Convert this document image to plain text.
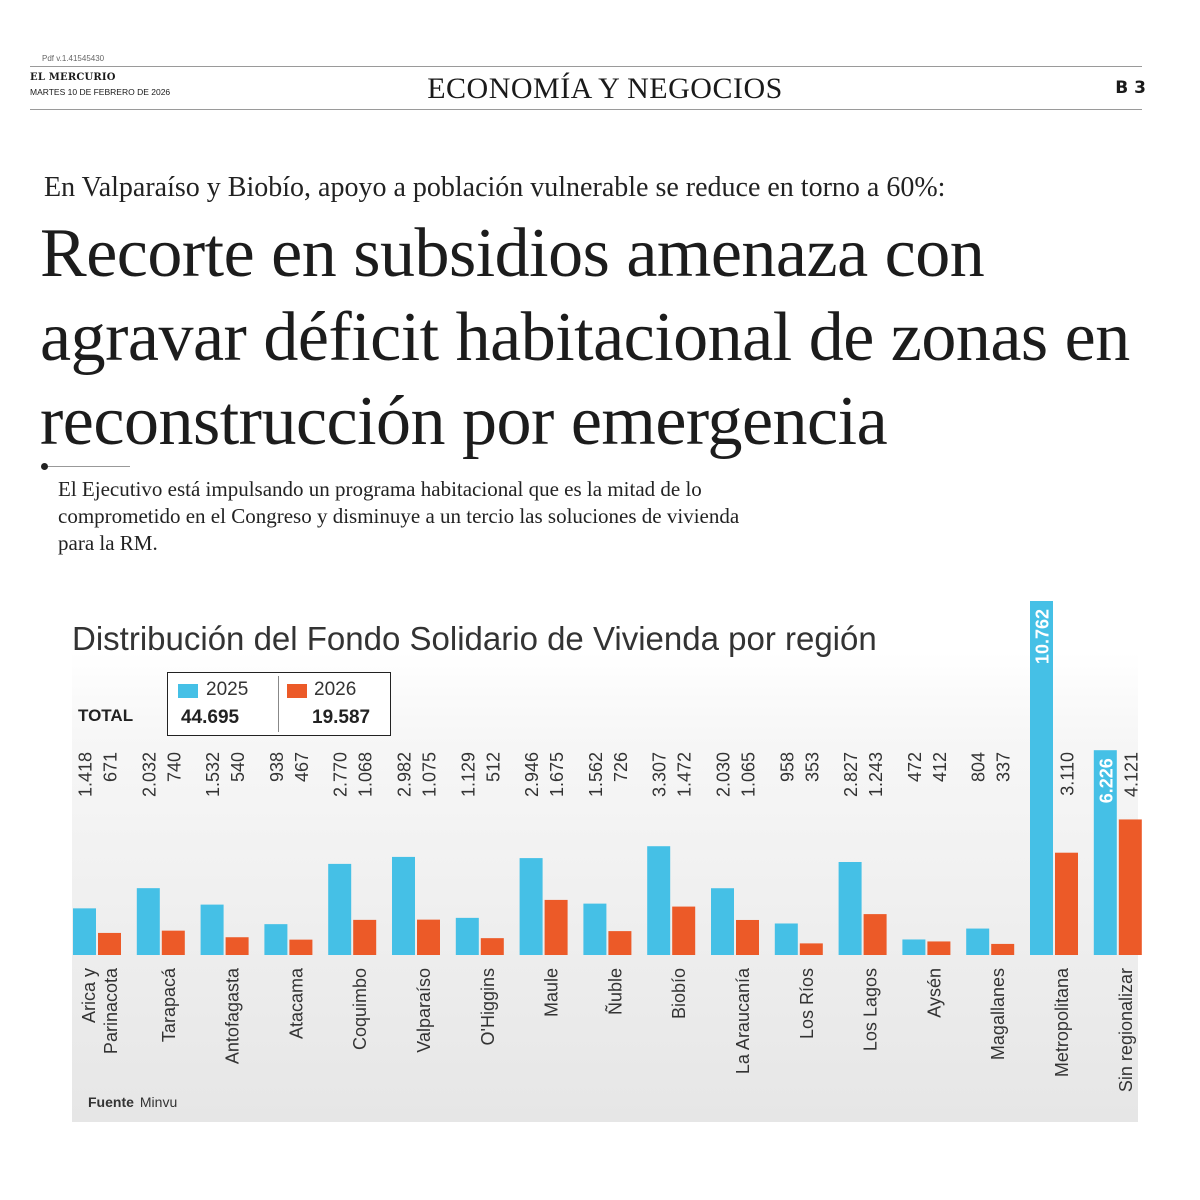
Pdf v.1.41545430
EL MERCURIO
MARTES 10 DE FEBRERO DE 2026	ECONOMÍA Y NEGOCIOS	B 3
En Valparaíso y Biobío, apoyo a población vulnerable se reduce en torno a 60%:
Recorte en subsidios amenaza con agravar déficit habitacional de zonas en reconstrucción por emergencia
El Ejecutivo está impulsando un programa habitacional que es la mitad de lo comprometido en el Congreso y disminuye a un tercio las soluciones de vivienda para la RM.
Distribución del Fondo Solidario de Vivienda por región
2025	2026
TOTAL	44.695	19.587
1.418 671
Arica y Parinacota
2.032 740
Tarapacá
1.532 540
Antofagasta
938 467
Atacama
2.770 1.068
Coquimbo
2.982 1.075
Valparaíso
1.129 512
O'Higgins
2.946 1.675
Maule
1.562 726
Ñuble
3.307 1.472
Biobío
2.030 1.065
La Araucanía
958 353
Los Ríos
2.827 1.243
Los Lagos
472 412
Aysén
804 337
Magallanes
10.762
3.110
Metropolitana
6.226 4.121
Sin regionalizar
Fuente Minvu
